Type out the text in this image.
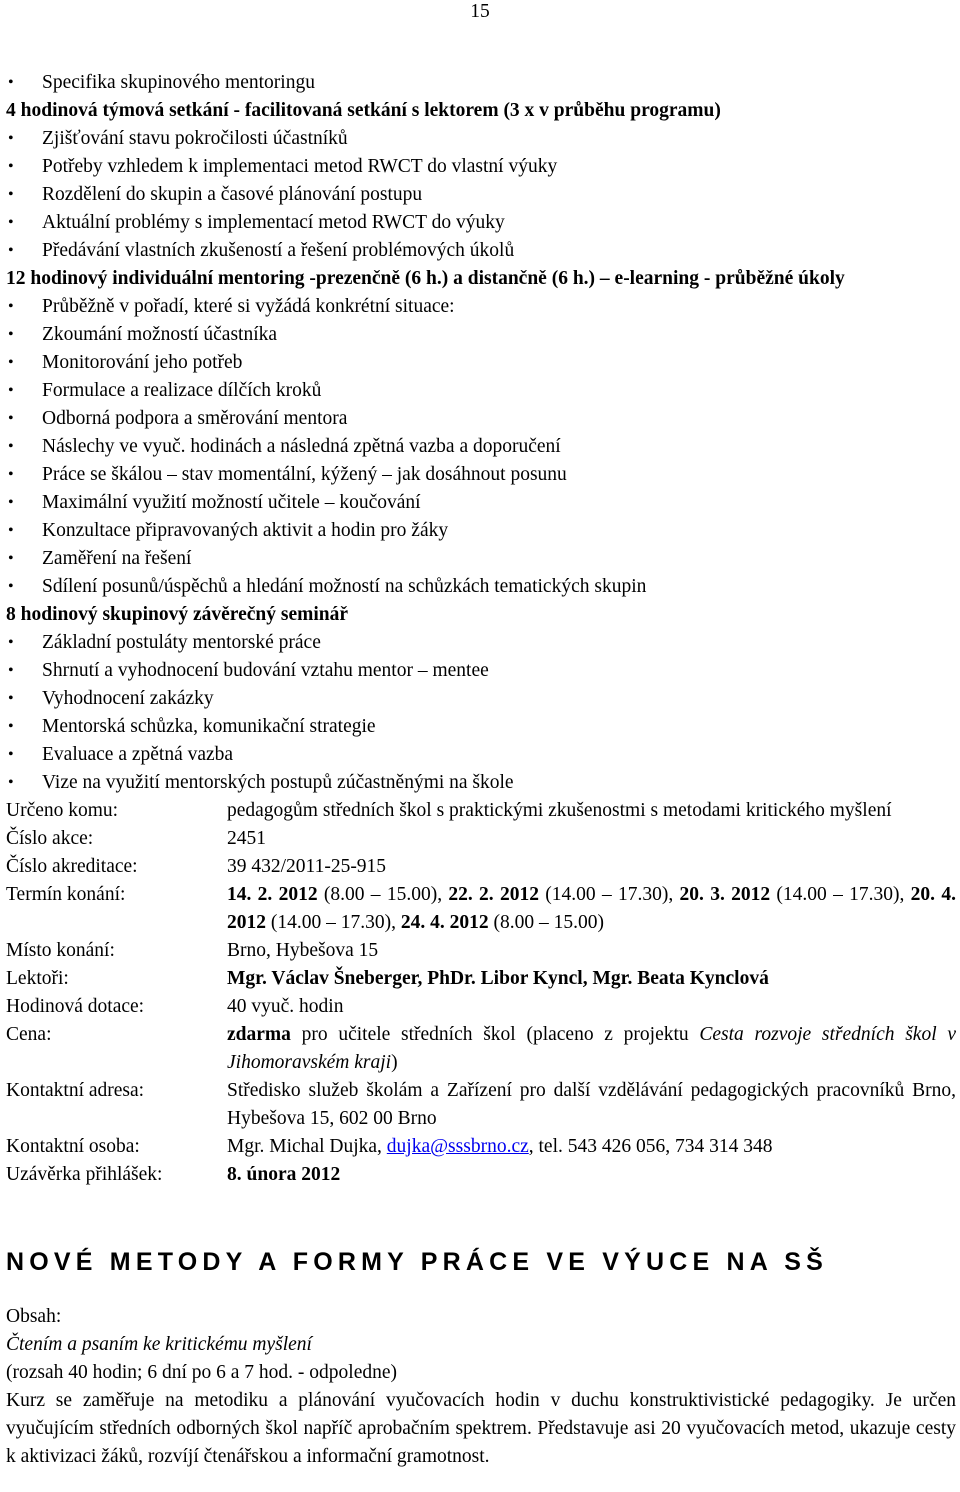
15
• Specifika skupinového mentoringu
4 hodinová týmová setkání - facilitovaná setkání s lektorem (3 x v průběhu programu)
• Zjišťování stavu pokročilosti účastníků
• Potřeby vzhledem k implementaci metod RWCT do vlastní výuky
• Rozdělení do skupin a časové plánování postupu
• Aktuální problémy s implementací metod RWCT do výuky
• Předávání vlastních zkušeností a řešení problémových úkolů
12 hodinový individuální mentoring -prezenčně (6 h.) a distančně (6 h.) – e-learning - průběžné úkoly
• Průběžně v pořadí, které si vyžádá konkrétní situace:
• Zkoumání možností účastníka
• Monitorování jeho potřeb
• Formulace a realizace dílčích kroků
• Odborná podpora a směrování mentora
• Náslechy ve vyuč. hodinách a následná zpětná vazba a doporučení
• Práce se škálou – stav momentální, kýžený – jak dosáhnout posunu
• Maximální využití možností učitele – koučování
• Konzultace připravovaných aktivit a hodin pro žáky
• Zaměření na řešení
• Sdílení posunů/úspěchů a hledání možností na schůzkách tematických skupin
8 hodinový skupinový závěrečný seminář
• Základní postuláty mentorské práce
• Shrnutí a vyhodnocení budování vztahu mentor – mentee
• Vyhodnocení zakázky
• Mentorská schůzka, komunikační strategie
• Evaluace a zpětná vazba
• Vize na využití mentorských postupů zúčastněnými na škole
Určeno komu:	pedagogům středních škol s praktickými zkušenostmi s metodami kritického myšlení
Číslo akce:	2451
Číslo akreditace:	39 432/2011-25-915
Termín konání:	14. 2. 2012 (8.00 – 15.00), 22. 2. 2012 (14.00 – 17.30), 20. 3. 2012 (14.00 – 17.30), 20. 4. 2012 (14.00 – 17.30), 24. 4. 2012 (8.00 – 15.00)
Místo konání:	Brno, Hybešova 15
Lektoři:	Mgr. Václav Šneberger, PhDr. Libor Kyncl, Mgr. Beata Kynclová
Hodinová dotace:	40 vyuč. hodin
Cena:	zdarma pro učitele středních škol (placeno z projektu Cesta rozvoje středních škol v Jihomoravském kraji)
Kontaktní adresa:	Středisko služeb školám a Zařízení pro další vzdělávání pedagogických pracovníků Brno, Hybešova 15, 602 00 Brno
Kontaktní osoba:	Mgr. Michal Dujka, dujka@sssbrno.cz, tel. 543 426 056, 734 314 348
Uzávěrka přihlášek:	8. února 2012
NOVÉ METODY A FORMY PRÁCE VE VÝUCE NA SŠ
Obsah:
Čtením a psaním ke kritickému myšlení
(rozsah 40 hodin; 6 dní po 6 a 7 hod. - odpoledne)
Kurz se zaměřuje na metodiku a plánování vyučovacích hodin v duchu konstruktivistické pedagogiky. Je určen vyučujícím středních odborných škol napříč aprobačním spektrem. Představuje asi 20 vyučovacích metod, ukazuje cesty k aktivizaci žáků, rozvíjí čtenářskou a informační gramotnost.
